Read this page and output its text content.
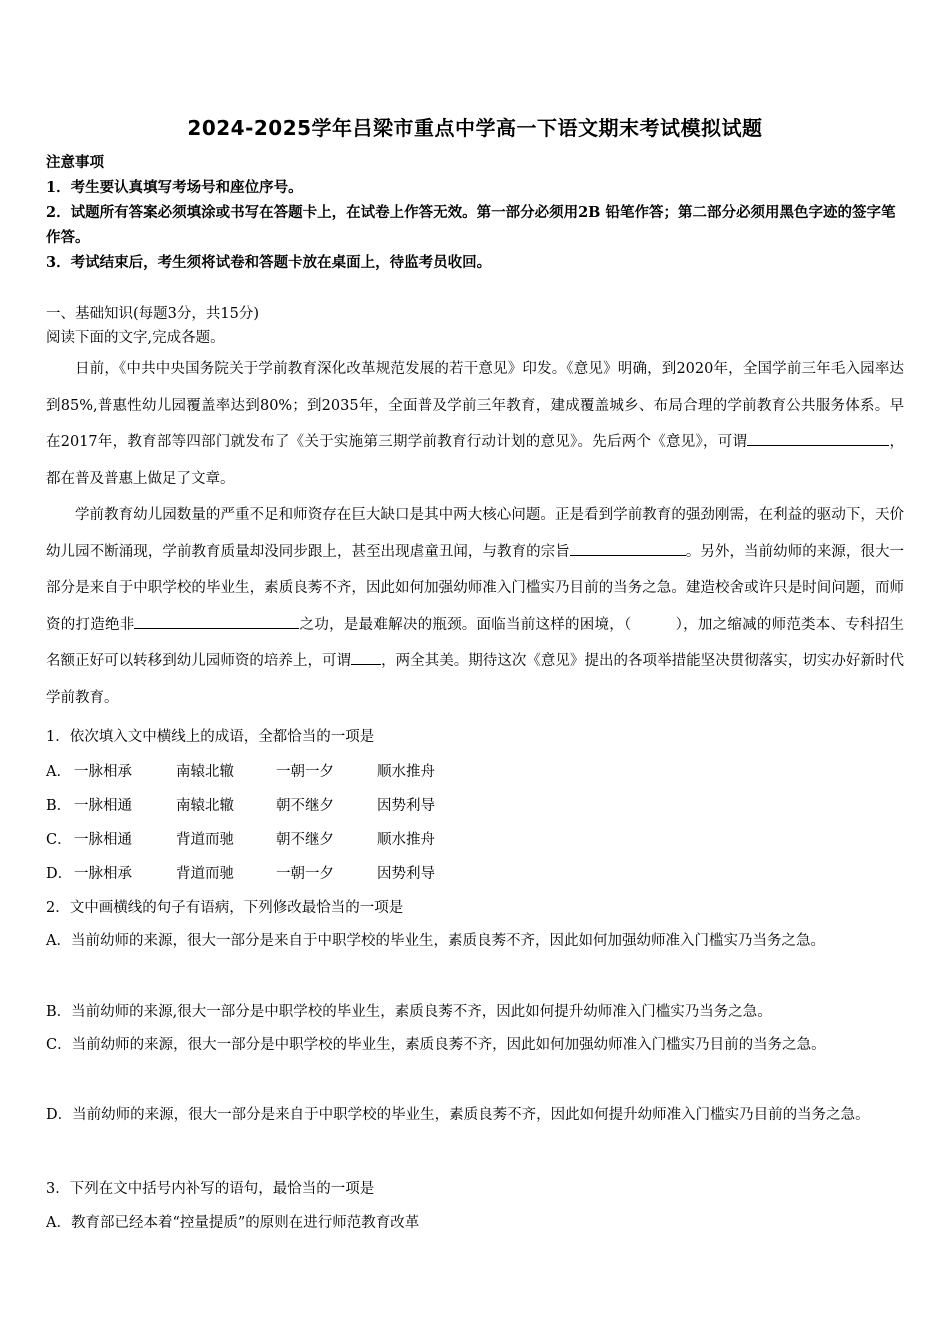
2024-2025学年吕梁市重点中学高一下语文期末考试模拟试题
注意事项
1．考生要认真填写考场号和座位序号。
2．试题所有答案必须填涂或书写在答题卡上，在试卷上作答无效。第一部分必须用2B 铅笔作答；第二部分必须用黑色字迹的签字笔作答。
3．考试结束后，考生须将试卷和答题卡放在桌面上，待监考员收回。
一、基础知识(每题3分，共15分)
阅读下面的文字,完成各题。
日前，《中共中央国务院关于学前教育深化改革规范发展的若干意见》印发。《意见》明确，到2020年，全国学前三年毛入园率达到85%,普惠性幼儿园覆盖率达到80%；到2035年，全面普及学前三年教育，建成覆盖城乡、布局合理的学前教育公共服务体系。早在2017年，教育部等四部门就发布了《关于实施第三期学前教育行动计划的意见》。先后两个《意见》，可谓	，都在普及普惠上做足了文章。
学前教育幼儿园数量的严重不足和师资存在巨大缺口是其中两大核心问题。正是看到学前教育的强劲刚需，在利益的驱动下，天价幼儿园不断涌现，学前教育质量却没同步跟上，甚至出现虐童丑闻，与教育的宗旨	。另外，当前幼师的来源，很大一部分是来自于中职学校的毕业生，素质良莠不齐，因此如何加强幼师准入门槛实乃目前的当务之急。建造校舍或许只是时间问题，而师资的打造绝非	之功，是最难解决的瓶颈。面临当前这样的困境，（　　　），加之缩减的师范类本、专科招生名额正好可以转移到幼儿园师资的培养上，可谓 ，两全其美。期待这次《意见》提出的各项举措能坚决贯彻落实，切实办好新时代学前教育。
1．依次填入文中横线上的成语，全都恰当的一项是
A． 一脉相承	南辕北辙	一朝一夕	顺水推舟
B． 一脉相通	南辕北辙	朝不继夕	因势利导
C． 一脉相通	背道而驰	朝不继夕	顺水推舟
D． 一脉相承	背道而驰	一朝一夕	因势利导
2．文中画横线的句子有语病，下列修改最恰当的一项是
A．当前幼师的来源，很大一部分是来自于中职学校的毕业生，素质良莠不齐，因此如何加强幼师准入门槛实乃当务之急。
B．当前幼师的来源,很大一部分是中职学校的毕业生，素质良莠不齐，因此如何提升幼师准入门槛实乃当务之急。
C．当前幼师的来源，很大一部分是中职学校的毕业生，素质良莠不齐，因此如何加强幼师准入门槛实乃目前的当务之急。
D．当前幼师的来源，很大一部分是来自于中职学校的毕业生，素质良莠不齐，因此如何提升幼师准入门槛实乃目前的当务之急。
3．下列在文中括号内补写的语句，最恰当的一项是
A．教育部已经本着“控量提质”的原则在进行师范教育改革
